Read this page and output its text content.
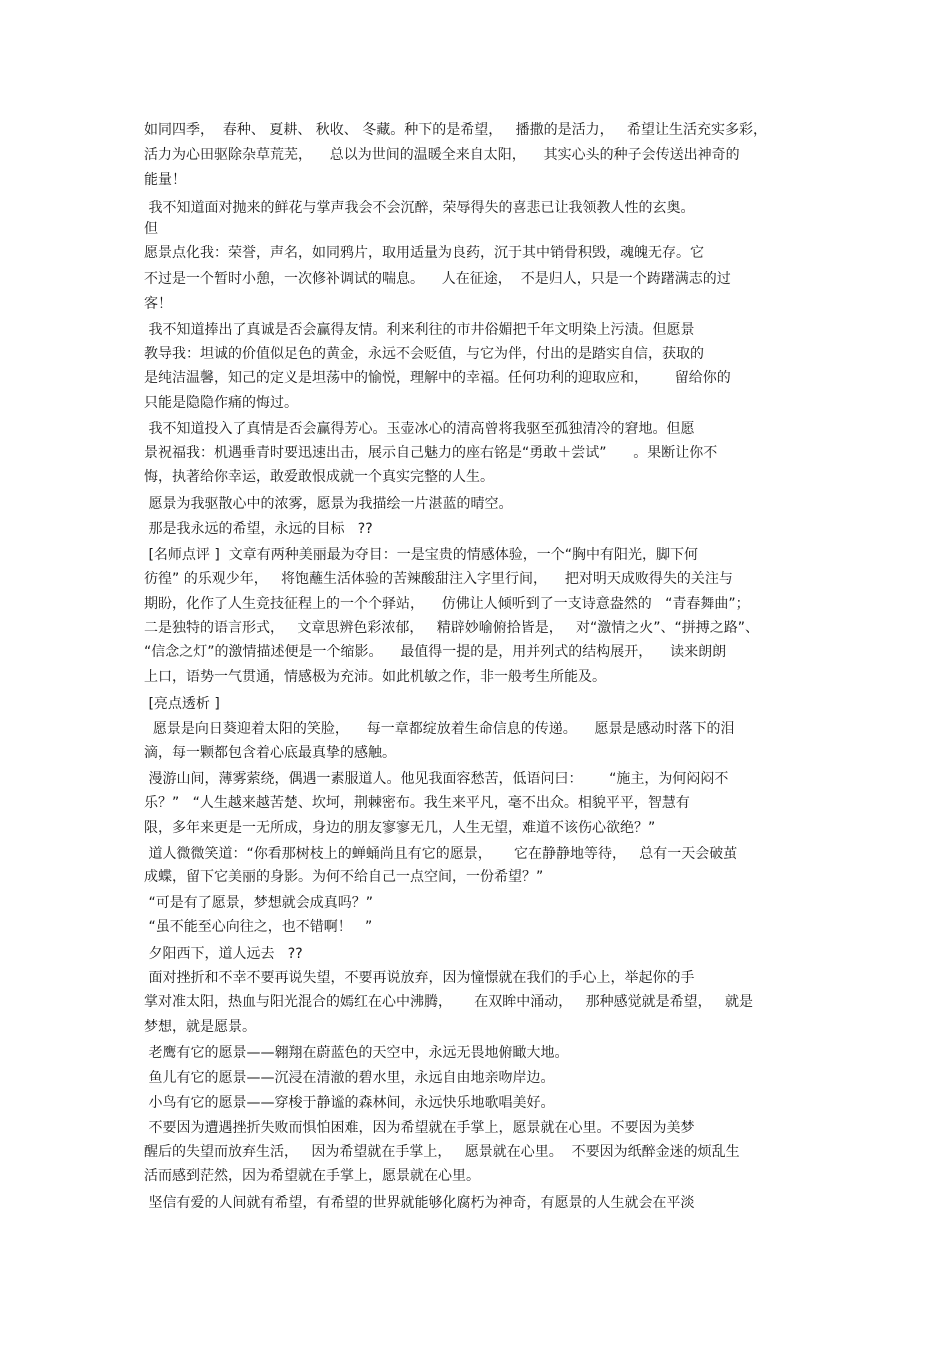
如同四季，  春种、 夏耕、 秋收、 冬藏。种下的是希望，   播撒的是活力，   希望让生活充实多彩，
活力为心田驱除杂草荒芜，    总以为世间的温暖全来自太阳，    其实心头的种子会传送出神奇的
能量！
我不知道面对抛来的鲜花与掌声我会不会沉醉，荣辱得失的喜悲已让我领教人性的玄奥。
但
愿景点化我：荣誉，声名，如同鸦片，取用适量为良药，沉于其中销骨积毁，魂魄无存。它
不过是一个暂时小憩，一次修补调试的喘息。    人在征途，  不是归人，只是一个踌躇满志的过
客！
我不知道捧出了真诚是否会赢得友情。利来利往的市井俗媚把千年文明染上污渍。但愿景
教导我：坦诚的价值似足色的黄金，永远不会贬值，与它为伴，付出的是踏实自信，获取的
是纯洁温馨，知己的定义是坦荡中的愉悦，理解中的幸福。任何功利的迎取应和，      留给你的
只能是隐隐作痛的悔过。
我不知道投入了真情是否会赢得芳心。玉壶冰心的清高曾将我驱至孤独清冷的窘地。但愿
景祝福我：机遇垂青时要迅速出击，展示自己魅力的座右铭是“勇敢＋尝试”      。果断让你不
悔，执著给你幸运，敢爱敢恨成就一个真实完整的人生。
愿景为我驱散心中的浓雾，愿景为我描绘一片湛蓝的晴空。
那是我永远的希望，永远的目标   ??
[名师点评 ]  文章有两种美丽最为夺目：一是宝贵的情感体验，一个“胸中有阳光，脚下何
彷徨” 的乐观少年，   将饱蘸生活体验的苦辣酸甜注入字里行间，    把对明天成败得失的关注与
期盼，化作了人生竞技征程上的一个个驿站，    仿佛让人倾听到了一支诗意盎然的   “青春舞曲”；
二是独特的语言形式，   文章思辨色彩浓郁，   精辟妙喻俯拾皆是，   对“激情之火”、“拼搏之路”、
“信念之灯”的激情描述便是一个缩影。    最值得一提的是，用并列式的结构展开，    读来朗朗
上口，语势一气贯通，情感极为充沛。如此机敏之作，非一般考生所能及。
[亮点透析 ]
愿景是向日葵迎着太阳的笑脸，    每一章都绽放着生命信息的传递。    愿景是感动时落下的泪
滴，每一颗都包含着心底最真挚的感触。
漫游山间，薄雾萦绕，偶遇一素服道人。他见我面容愁苦，低语问曰：      “施主，为何闷闷不
乐？”   “人生越来越苦楚、坎坷，荆棘密布。我生来平凡，毫不出众。相貌平平，智慧有
限，多年来更是一无所成，身边的朋友寥寥无几，人生无望，难道不该伤心欲绝？”
道人微微笑道：“你看那树枝上的蝉蛹尚且有它的愿景，     它在静静地等待，   总有一天会破茧
成蝶，留下它美丽的身影。为何不给自己一点空间，一份希望？”
“可是有了愿景，梦想就会成真吗？”
“虽不能至心向往之，也不错啊！   ”
夕阳西下，道人远去   ??
面对挫折和不幸不要再说失望，不要再说放弃，因为憧憬就在我们的手心上，举起你的手
掌对准太阳，热血与阳光混合的嫣红在心中沸腾，     在双眸中涌动，   那种感觉就是希望，   就是
梦想，就是愿景。
老鹰有它的愿景——翱翔在蔚蓝色的天空中，永远无畏地俯瞰大地。
鱼儿有它的愿景——沉浸在清澈的碧水里，永远自由地亲吻岸边。
小鸟有它的愿景——穿梭于静谧的森林间，永远快乐地歌唱美好。
不要因为遭遇挫折失败而惧怕困难，因为希望就在手掌上，愿景就在心里。不要因为美梦
醒后的失望而放弃生活，   因为希望就在手掌上，   愿景就在心里。  不要因为纸醉金迷的烦乱生
活而感到茫然，因为希望就在手掌上，愿景就在心里。
坚信有爱的人间就有希望，有希望的世界就能够化腐朽为神奇，有愿景的人生就会在平淡
